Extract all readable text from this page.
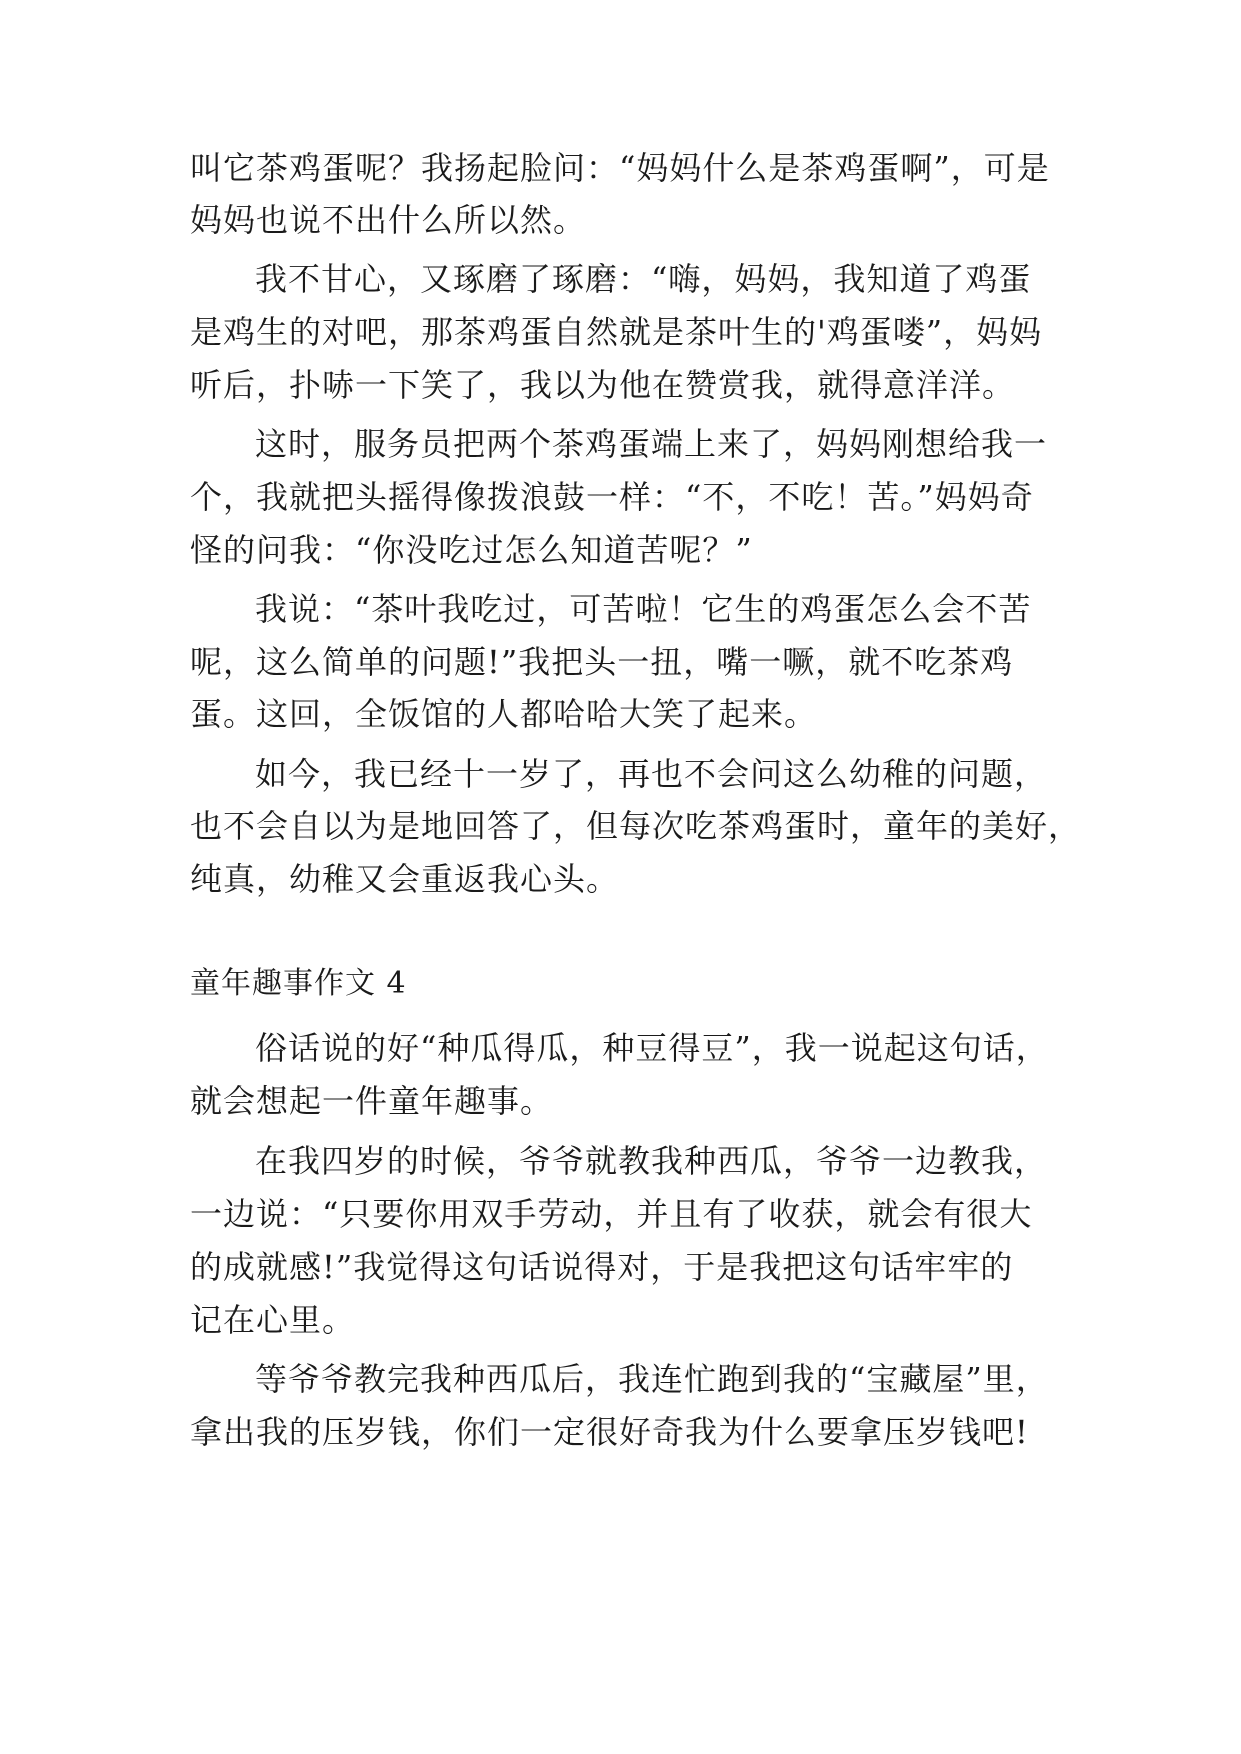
叫它茶鸡蛋呢？我扬起脸问：“妈妈什么是茶鸡蛋啊”，可是
妈妈也说不出什么所以然。
我不甘心，又琢磨了琢磨：“嗨，妈妈，我知道了鸡蛋
是鸡生的对吧，那茶鸡蛋自然就是茶叶生的'鸡蛋喽”，妈妈
听后，扑哧一下笑了，我以为他在赞赏我，就得意洋洋。
这时，服务员把两个茶鸡蛋端上来了，妈妈刚想给我一
个，我就把头摇得像拨浪鼓一样：“不，不吃！苦。”妈妈奇
怪的问我：“你没吃过怎么知道苦呢？”
我说：“茶叶我吃过，可苦啦！它生的鸡蛋怎么会不苦
呢，这么简单的问题!”我把头一扭，嘴一噘，就不吃茶鸡
蛋。这回，全饭馆的人都哈哈大笑了起来。
如今，我已经十一岁了，再也不会问这么幼稚的问题，
也不会自以为是地回答了，但每次吃茶鸡蛋时，童年的美好，
纯真，幼稚又会重返我心头。
童年趣事作文 4
俗话说的好“种瓜得瓜，种豆得豆”，我一说起这句话，
就会想起一件童年趣事。
在我四岁的时候，爷爷就教我种西瓜，爷爷一边教我，
一边说：“只要你用双手劳动，并且有了收获，就会有很大
的成就感!”我觉得这句话说得对，于是我把这句话牢牢的
记在心里。
等爷爷教完我种西瓜后，我连忙跑到我的“宝藏屋”里，
拿出我的压岁钱，你们一定很好奇我为什么要拿压岁钱吧!
